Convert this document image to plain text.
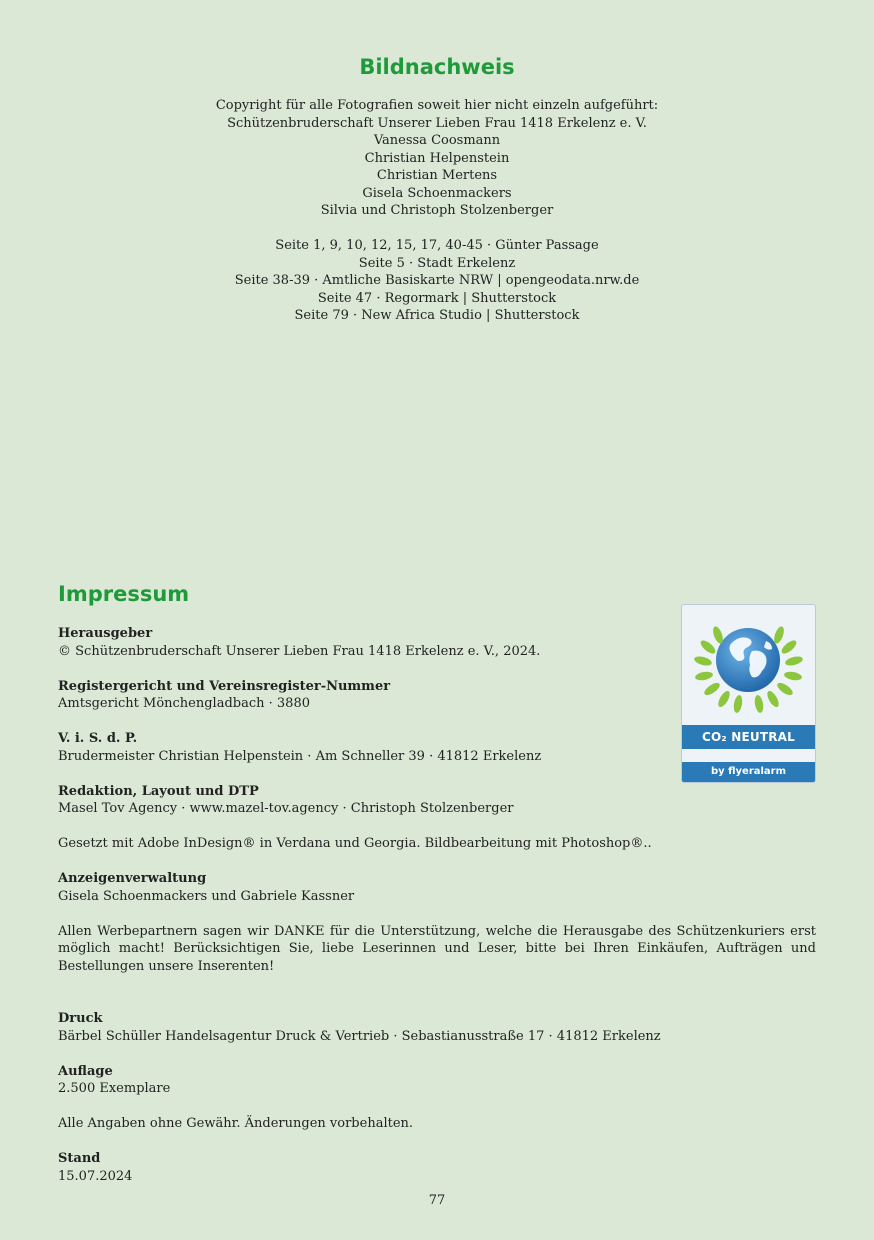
Bildnachweis
Copyright für alle Fotografien soweit hier nicht einzeln aufgeführt:
Schützenbruderschaft Unserer Lieben Frau 1418 Erkelenz e. V.
Vanessa Coosmann
Christian Helpenstein
Christian Mertens
Gisela Schoenmackers
Silvia und Christoph Stolzenberger
Seite 1, 9, 10, 12, 15, 17, 40-45 · Günter Passage
Seite 5 · Stadt Erkelenz
Seite 38-39 · Amtliche Basiskarte NRW | opengeodata.nrw.de
Seite 47 · Regormark | Shutterstock
Seite 79 · New Africa Studio | Shutterstock
Impressum

Herausgeber

© Schützenbruderschaft Unserer Lieben Frau 1418 Erkelenz e. V., 2024.

Registergericht und Vereinsregister-Nummer

Amtsgericht Mönchengladbach · 3880

V. i. S. d. P.

Brudermeister Christian Helpenstein · Am Schneller 39 · 41812 Erkelenz

Redaktion, Layout und DTP

Masel Tov Agency · www.mazel-tov.agency · Christoph Stolzenberger

Gesetzt mit Adobe InDesign® in Verdana und Georgia. Bildbearbeitung mit Photoshop®..

Anzeigenverwaltung

Gisela Schoenmackers und Gabriele Kassner

Allen Werbepartnern sagen wir DANKE für die Unterstützung, welche die Herausgabe des Schützenkuriers erst möglich macht! Berücksichtigen Sie, liebe Leserinnen und Leser, bitte bei Ihren Einkäufen, Aufträgen und Bestellungen unsere Inserenten!

Druck

Bärbel Schüller Handelsagentur Druck & Vertrieb · Sebastianusstraße 17 · 41812 Erkelenz

Auflage

2.500 Exemplare

Alle Angaben ohne Gewähr. Änderungen vorbehalten.

Stand

15.07.2024

CO₂ NEUTRAL
by flyeralarm
77
